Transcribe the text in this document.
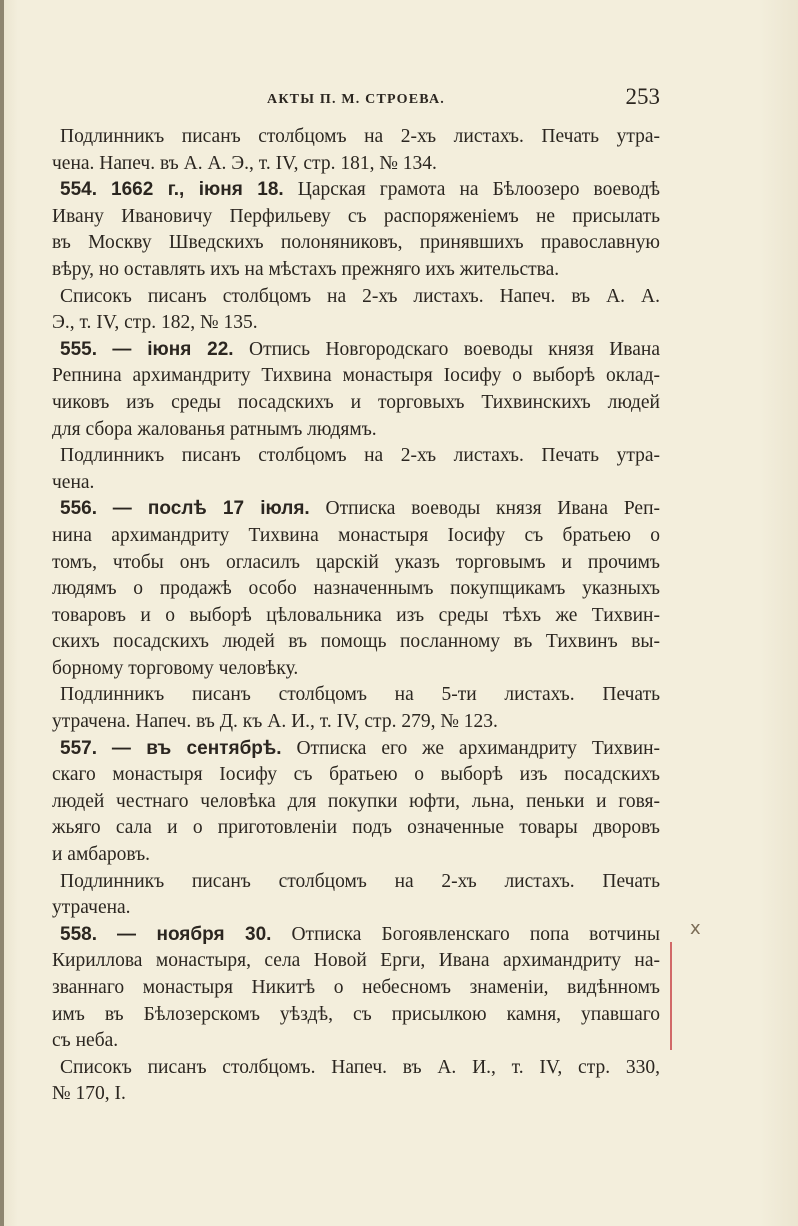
АКТЫ П. М. СТРОЕВА.	253
Подлинникъ писанъ столбцомъ на 2-хъ листахъ. Печать утра-
чена. Напеч. въ А. А. Э., т. IV, стр. 181, № 134.
554. 1662 г., іюня 18. Царская грамота на Бѣлоозеро воеводѣ
Ивану Ивановичу Перфильеву съ распоряженіемъ не присылать
въ Москву Шведскихъ полоняниковъ, принявшихъ православную
вѣру, но оставлять ихъ на мѣстахъ прежняго ихъ жительства.
Списокъ писанъ столбцомъ на 2-хъ листахъ. Напеч. въ А. А.
Э., т. IV, стр. 182, № 135.
555. — іюня 22. Отпись Новгородскаго воеводы князя Ивана
Репнина архимандриту Тихвина монастыря Іосифу о выборѣ оклад-
чиковъ изъ среды посадскихъ и торговыхъ Тихвинскихъ людей
для сбора жалованья ратнымъ людямъ.
Подлинникъ писанъ столбцомъ на 2-хъ листахъ. Печать утра-
чена.
556. — послѣ 17 іюля. Отписка воеводы князя Ивана Реп-
нина архимандриту Тихвина монастыря Іосифу съ братьею о
томъ, чтобы онъ огласилъ царскій указъ торговымъ и прочимъ
людямъ о продажѣ особо назначеннымъ покупщикамъ указныхъ
товаровъ и о выборѣ цѣловальника изъ среды тѣхъ же Тихвин-
скихъ посадскихъ людей въ помощь посланному въ Тихвинъ вы-
борному торговому человѣку.
Подлинникъ писанъ столбцомъ на 5-ти листахъ. Печать
утрачена. Напеч. въ Д. къ А. И., т. IV, стр. 279, № 123.
557. — въ сентябрѣ. Отписка его же архимандриту Тихвин-
скаго монастыря Іосифу съ братьею о выборѣ изъ посадскихъ
людей честнаго человѣка для покупки юфти, льна, пеньки и говя-
жьяго сала и о приготовленіи подъ означенные товары дворовъ
и амбаровъ.
Подлинникъ писанъ столбцомъ на 2-хъ листахъ. Печать
утрачена.
558. — ноября 30. Отписка Богоявленскаго попа вотчины
Кириллова монастыря, села Новой Ерги, Ивана архимандриту на-
званнаго монастыря Никитѣ о небесномъ знаменіи, видѣнномъ
имъ въ Бѣлозерскомъ уѣздѣ, съ присылкою камня, упавшаго
съ неба.
Списокъ писанъ столбцомъ. Напеч. въ А. И., т. IV, стр. 330,
№ 170, I.
х
